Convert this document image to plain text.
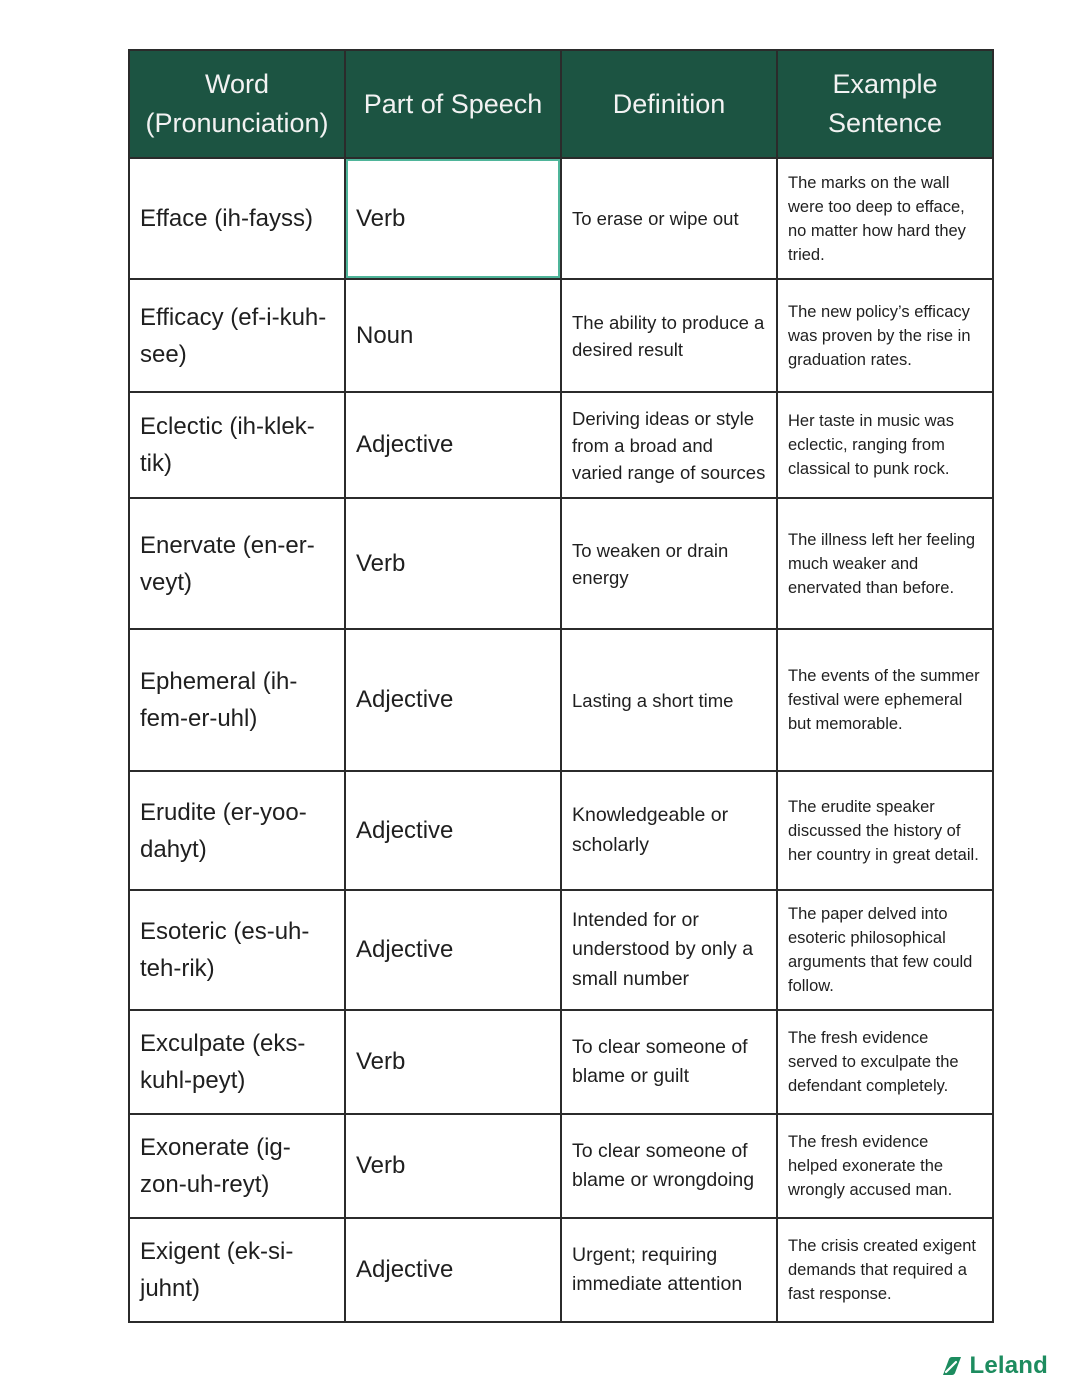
Word (Pronunciation)	Part of Speech	Definition	Example Sentence
Efface (ih-fayss)	Verb	To erase or wipe out	The marks on the wall were too deep to efface, no matter how hard they tried.
Efficacy (ef-i-kuh-see)	Noun	The ability to produce a desired result	The new policy’s efficacy was proven by the rise in graduation rates.
Eclectic (ih-klek-tik)	Adjective	Deriving ideas or style from a broad and varied range of sources	Her taste in music was eclectic, ranging from classical to punk rock.
Enervate (en-er-veyt)	Verb	To weaken or drain energy	The illness left her feeling much weaker and enervated than before.
Ephemeral (ih-fem-er-uhl)	Adjective	Lasting a short time	The events of the summer festival were ephemeral but memorable.
Erudite (er-yoo-dahyt)	Adjective	Knowledgeable or scholarly	The erudite speaker discussed the history of her country in great detail.
Esoteric (es-uh-teh-rik)	Adjective	Intended for or understood by only a small number	The paper delved into esoteric philosophical arguments that few could follow.
Exculpate (eks-kuhl-peyt)	Verb	To clear someone of blame or guilt	The fresh evidence served to exculpate the defendant completely.
Exonerate (ig-zon-uh-reyt)	Verb	To clear someone of blame or wrongdoing	The fresh evidence helped exonerate the wrongly accused man.
Exigent (ek-si-juhnt)	Adjective	Urgent; requiring immediate attention	The crisis created exigent demands that required a fast response.
Leland
